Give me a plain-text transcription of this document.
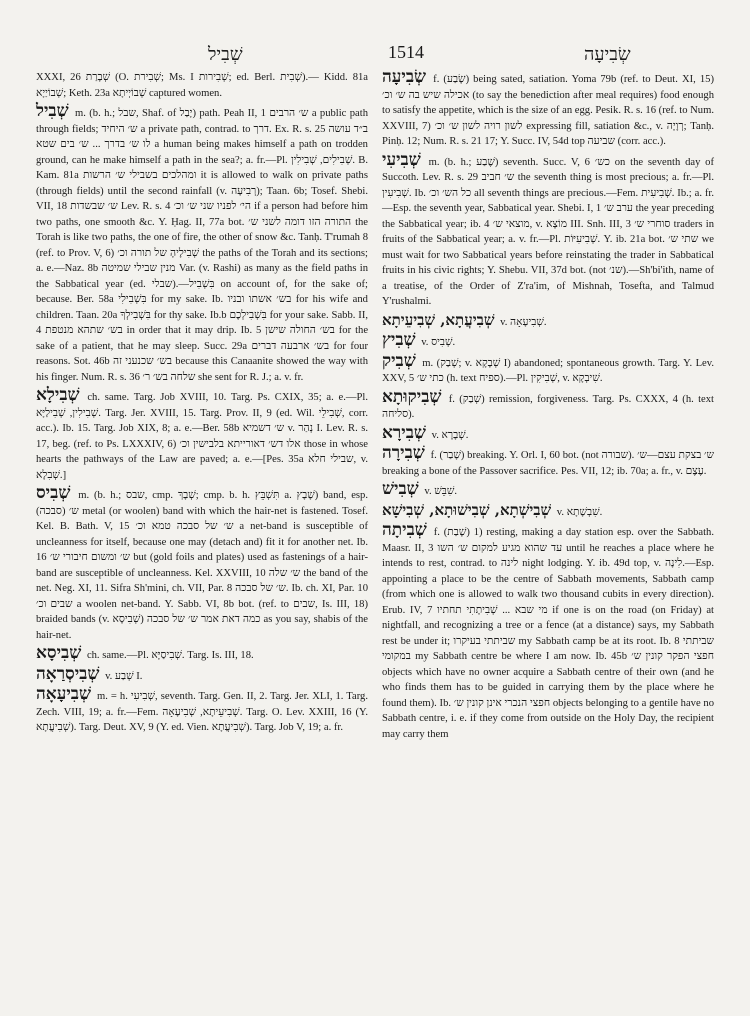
שְׁבִיל	1514	שְׂבִיעָה

XXXI, 26 שְׁבָרַת (O. שְׁבִירת; Ms. I שְׁבִירות; ed. Berl. שְׁבִית).— Kidd. 81a שְׁבוֹיַיָא; Keth. 23a שְׁבוֹיְיתָא captured women.

שְׁבִיל m. (b. h.; שבל, Shaf. of יָבַל) path. Peah II, 1 ש׳ הרבים a public path through fields; ש׳ היחיד a private path, contrad. to דרך. Ex. R. s. 25 ב״ד עושה לו ש׳ בדרך ... ש׳ בים שטא a human being makes himself a path on trodden ground, can he make himself a path in the sea?; a. fr.—Pl. שְׁבִילִים, שְׁבִילִין. B. Kam. 81a ומהלכים בשבילי ש׳ הרשות it is allowed to walk on private paths (through fields) until the second rainfall (v. רְבִיעָה); Taan. 6b; Tosef. Shebi. VII, 18 ש׳ שבשדות Lev. R. s. 4 הי׳ לפניו שני ש׳ וכ׳ if a person had before him two paths, one smooth &c. Y. Ḥag. II, 77a bot. התורה הזו דומה לשני ש׳ the Torah is like two paths, the one of fire, the other of snow &c. Tanḥ. T'rumah 8 (ref. to Prov. V, 6) שְׁבִילָיהָ של תורה וכ׳ the paths of the Torah and its sections; a. e.—Naz. 8b מנין שבילי שמיטה Var. (v. Rashi) as many as the field paths in the Sabbatical year (ed. שבלי).—בִּשְׁבִיל on account of, for the sake of; because. Ber. 58a בִּשְׁבִילִי for my sake. Ib. בש׳ אשתו ובניו for his wife and children. Taan. 20a בִּשְׁבִילְךָ for thy sake. Ib.b בִּשְׁבִילְכֶם for your sake. Sabb. II, 4 בש׳ שתהא מנטפת in order that it may drip. Ib. 5 בש׳ החולה שישן for the sake of a patient, that he may sleep. Succ. 29a בש׳ ארבעה דברים for four reasons. Sot. 46b בש׳ שכנעני זה because this Canaanite showed the way with his finger. Num. R. s. 36 שלחה בש׳ ר׳ she sent for R. J.; a. v. fr.

שְׁבִילָא ch. same. Targ. Job XVIII, 10. Targ. Ps. CXIX, 35; a. e.—Pl. שְׁבִילִין, שְׁבִילַיָּא. Targ. Jer. XVIII, 15. Targ. Prov. II, 9 (ed. Wil. שְׁבִילֵי, corr. acc.). Ib. 15. Targ. Job XIX, 8; a. e.—Ber. 58b ש׳ דשמיא v. נְהַר I. Lev. R. s. 17, beg. (ref. to Ps. LXXXIV, 6) אלו דש׳ דאורייתא בלבישין וכ׳ those in whose hearts the pathways of the Law are paved; a. e.—[Pes. 35a שבילי חלא, v. שְׁבִלָא.]

שְׁבִיס m. (b. h.; שבס, cmp. שְׁבָךְ; cmp. b. h. תִּשְׁבֵּץ a. שָׁבָץ) band, esp. (סבכה) ש׳ metal (or woolen) band with which the hair-net is fastened. Tosef. Kel. B. Bath. V, 15 ש׳ של סבכה טמא וכ׳ a net-band is susceptible of uncleanness for itself, because one may (detach and) fit it for another net. Ib. 16 ש׳ ומשום חיבורי ש׳ but (gold foils and plates) used as fastenings of a hair-band are susceptible of uncleanness. Kel. XXVIII, 10 ש׳ שלה the band of the net. Neg. XI, 11. Sifra Sh'mini, ch. VII, Par. 8 ש׳ של סבכה. Ib. ch. XI, Par. 10 שבים וכ׳ a woolen net-band. Y. Sabb. VI, 8b bot. (ref. to שבים, Is. III, 18) braided bands (v. שְׁבִיסָא) כמה דאת אמר ש׳ של סבכה as you say, shabis of the hair-net.

שְׁבִיסָא ch. same.—Pl. שְׁבִיסַיָּא. Targ. Is. III, 18.

שְׁבִיסְרַאָה v. שְׁבַע I.

שְׁבִיעָאָה m. = h. שְׁבִיעִי, seventh. Targ. Gen. II, 2. Targ. Jer. XLI, 1. Targ. Zech. VIII, 19; a. fr.—Fem. שְׁבִיעֵיתָא, שְׁבִיעָאָה. Targ. O. Lev. XXIII, 16 (Y. שְׁבִיעֲתָא). Targ. Deut. XV, 9 (Y. ed. Vien. שְׁבִיעֲתָא). Targ. Job V, 19; a. fr.

שְׂבִיעָה f. (שָׂבַע) being sated, satiation. Yoma 79b (ref. to Deut. XI, 15) אכילה שיש בה ש׳ וכ׳ (to say the benediction after meal requires) food enough to satisfy the appetite, which is the size of an egg. Pesik. R. s. 16 (ref. to Num. XXVIII, 7) לשון רויה לשון ש׳ וכ׳ expressing fill, satiation &c., v. רְוָיָה; Tanḥ. Pinḥ. 12; Num. R. s. 21 17; Y. Succ. IV, 54d top שביעה (corr. acc.).

שְׁבִיעִי m. (b. h.; שֶׁבַע) seventh. Succ. V, 6 כש׳ on the seventh day of Succoth. Lev. R. s. 29 ש׳ חביב the seventh thing is most precious; a. fr.—Pl. שְׁבִיעִין. Ib. כל הש׳ וכ׳ all seventh things are precious.—Fem. שְׁבִיעִית. Ib.; a. fr.—Esp. the seventh year, Sabbatical year. Shebi. I, 1 ערב ש׳ the year preceding the Sabbatical year; ib. 4 מוצאי ש׳, v. מוֹצָא III. Snh. III, 3 סוחרי ש׳ traders in fruits of the Sabbatical year; a. v. fr.—Pl. שְׁבִיעִיּוֹת. Y. ib. 21a bot. שתי ש׳ we must wait for two Sabbatical years before reinstating the trader in Sabbatical fruits in his civic rights; Y. Shebu. VII, 37d bot. (not שנ׳).—Sh'bi'ith, name of a treatise, of the Order of Z'ra'im, of Mishnah, Tosefta, and Talmud Y'rushalmi.

שְׁבִיעֲתָא, שְׁבִיעֵיתָא v. שְׁבִיעָאָה.

שְׁבִיץ v. שְׁבִיס.

שְׁבִיק m. (שְׁבַק; v. שְׁבָקָא I) abandoned; spontaneous growth. Targ. Y. Lev. XXV, 5 כתי ש׳ (h. text ספיח).—Pl. שְׁבִיקִין, v. שִׁיבְקָא.

שְׁבִיקוּתָא f. (שְׁבַק) remission, forgiveness. Targ. Ps. CXXX, 4 (h. text סליחה).

שְׁבִירָא v. שְׁבָרָא.

שְׁבִירָה f. (שָׁבַר) breaking. Y. Orl. I, 60 bot. (not שבורה). ש׳ בצקת עצם—ש׳ breaking a bone of the Passover sacrifice. Pes. VII, 12; ib. 70a; a. fr., v. עֶצֶם.

שְׁבִישׁ v. שִׁבֵּשׁ.

שְׁבִישְׁתָא, שְׁבִישׁוּתָא, שְׁבִישָׁא v. שִׁבְשָׁתָא.

שְׁבִיתָה f. (שָׁבַת) 1) resting, making a day station esp. over the Sabbath. Maasr. II, 3 עד שהוא מגיע למקום ש׳ השו until he reaches a place where he intends to rest, contrad. to לינה night lodging. Y. ib. 49d top, v. לִינָה.—Esp. appointing a place to be the centre of Sabbath movements, Sabbath camp (from which one is allowed to walk two thousand cubits in every direction). Erub. IV, 7 מי שבא ... שְׁבִיתָתִי תחתיו if one is on the road (on Friday) at nightfall, and recognizing a tree or a fence (at a distance) says, my Sabbath rest be under it; שביתתי בעיקרו my Sabbath camp be at its root. Ib. 8 שביתתי במקומי my Sabbath centre be where I am now. Ib. 45b חפצי הפקר קונין ש׳ objects which have no owner acquire a Sabbath centre of their own (and he who finds them has to be guided in carrying them by the place where he found them). Ib. חפצי הנכרי אינן קונין ש׳ objects belonging to a gentile have no Sabbath centre, i. e. if they come from outside on the Holy Day, the recipient may carry them
